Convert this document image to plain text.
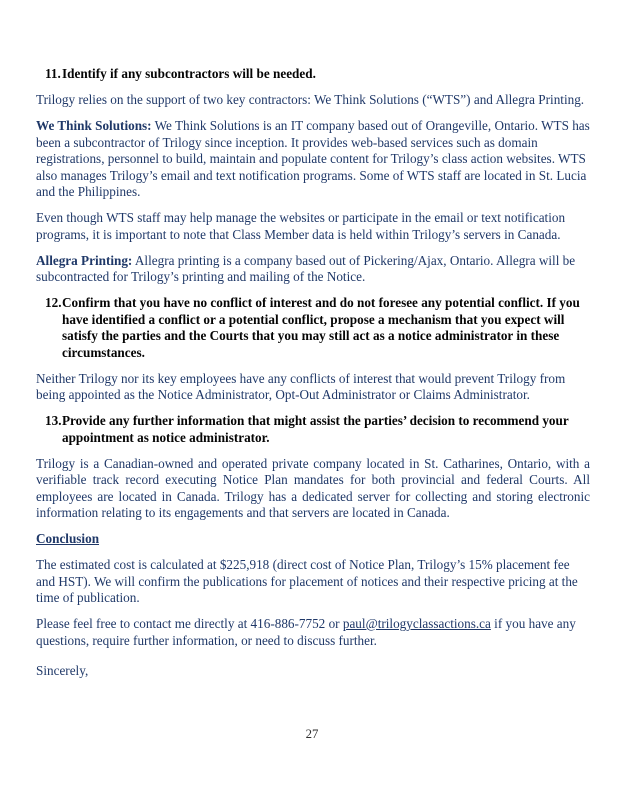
11. Identify if any subcontractors will be needed.

Trilogy relies on the support of two key contractors: We Think Solutions (“WTS”) and Allegra Printing.

We Think Solutions: We Think Solutions is an IT company based out of Orangeville, Ontario. WTS has been a subcontractor of Trilogy since inception. It provides web-based services such as domain registrations, personnel to build, maintain and populate content for Trilogy’s class action websites. WTS also manages Trilogy’s email and text notification programs. Some of WTS staff are located in St. Lucia and the Philippines.

Even though WTS staff may help manage the websites or participate in the email or text notification programs, it is important to note that Class Member data is held within Trilogy’s servers in Canada.

Allegra Printing: Allegra printing is a company based out of Pickering/Ajax, Ontario. Allegra will be subcontracted for Trilogy’s printing and mailing of the Notice.

12. Confirm that you have no conflict of interest and do not foresee any potential conflict. If you have identified a conflict or a potential conflict, propose a mechanism that you expect will satisfy the parties and the Courts that you may still act as a notice administrator in these circumstances.

Neither Trilogy nor its key employees have any conflicts of interest that would prevent Trilogy from being appointed as the Notice Administrator, Opt-Out Administrator or Claims Administrator.

13. Provide any further information that might assist the parties’ decision to recommend your appointment as notice administrator.

Trilogy is a Canadian-owned and operated private company located in St. Catharines, Ontario, with a verifiable track record executing Notice Plan mandates for both provincial and federal Courts. All employees are located in Canada. Trilogy has a dedicated server for collecting and storing electronic information relating to its engagements and that servers are located in Canada.

Conclusion

The estimated cost is calculated at $225,918 (direct cost of Notice Plan, Trilogy’s 15% placement fee and HST). We will confirm the publications for placement of notices and their respective pricing at the time of publication.

Please feel free to contact me directly at 416-886-7752 or paul@trilogyclassactions.ca if you have any questions, require further information, or need to discuss further.

Sincerely,

27
